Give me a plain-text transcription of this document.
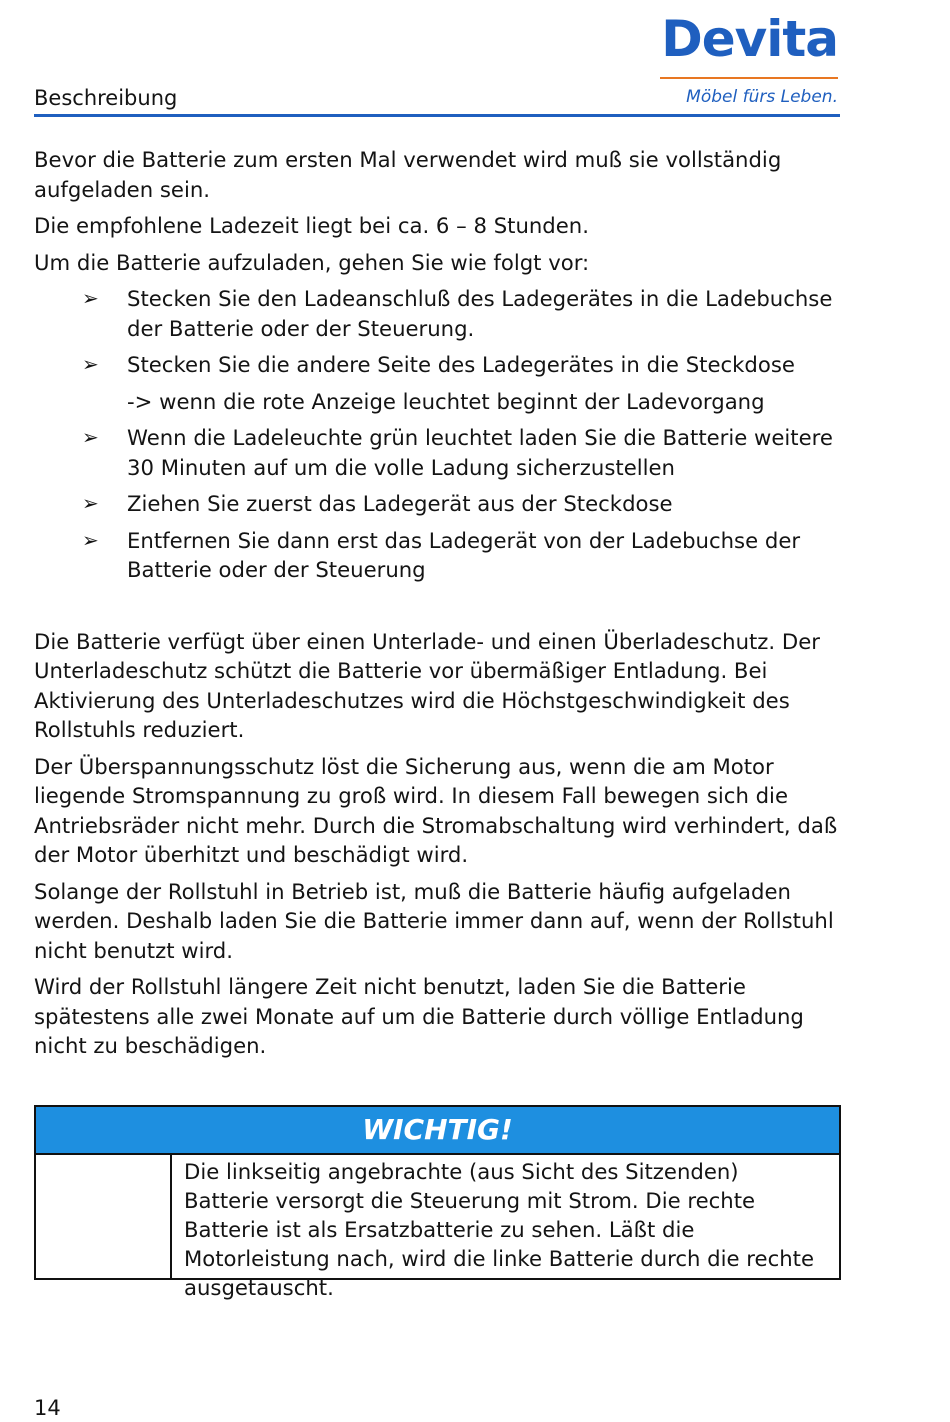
Beschreibung
Devita
Möbel fürs Leben.

Bevor die Batterie zum ersten Mal verwendet wird muß sie vollständig aufgeladen sein.

Die empfohlene Ladezeit liegt bei ca. 6 – 8 Stunden.

Um die Batterie aufzuladen, gehen Sie wie folgt vor:

➢ Stecken Sie den Ladeanschluß des Ladegerätes in die Ladebuchse der Batterie oder der Steuerung.
➢ Stecken Sie die andere Seite des Ladegerätes in die Steckdose
-> wenn die rote Anzeige leuchtet beginnt der Ladevorgang
➢ Wenn die Ladeleuchte grün leuchtet laden Sie die Batterie weitere 30 Minuten auf um die volle Ladung sicherzustellen
➢ Ziehen Sie zuerst das Ladegerät aus der Steckdose
➢ Entfernen Sie dann erst das Ladegerät von der Ladebuchse der Batterie oder der Steuerung

Die Batterie verfügt über einen Unterlade- und einen Überladeschutz. Der Unterladeschutz schützt die Batterie vor übermäßiger Entladung. Bei Aktivierung des Unterladeschutzes wird die Höchstgeschwindigkeit des Rollstuhls reduziert.

Der Überspannungsschutz löst die Sicherung aus, wenn die am Motor liegende Stromspannung zu groß wird. In diesem Fall bewegen sich die Antriebsräder nicht mehr. Durch die Stromabschaltung wird verhindert, daß der Motor überhitzt und beschädigt wird.

Solange der Rollstuhl in Betrieb ist, muß die Batterie häufig aufgeladen werden. Deshalb laden Sie die Batterie immer dann auf, wenn der Rollstuhl nicht benutzt wird.

Wird der Rollstuhl längere Zeit nicht benutzt, laden Sie die Batterie spätestens alle zwei Monate auf um die Batterie durch völlige Entladung nicht zu beschädigen.

WICHTIG!
Die linkseitig angebrachte (aus Sicht des Sitzenden) Batterie versorgt die Steuerung mit Strom. Die rechte Batterie ist als Ersatzbatterie zu sehen. Läßt die Motorleistung nach, wird die linke Batterie durch die rechte ausgetauscht.
14
